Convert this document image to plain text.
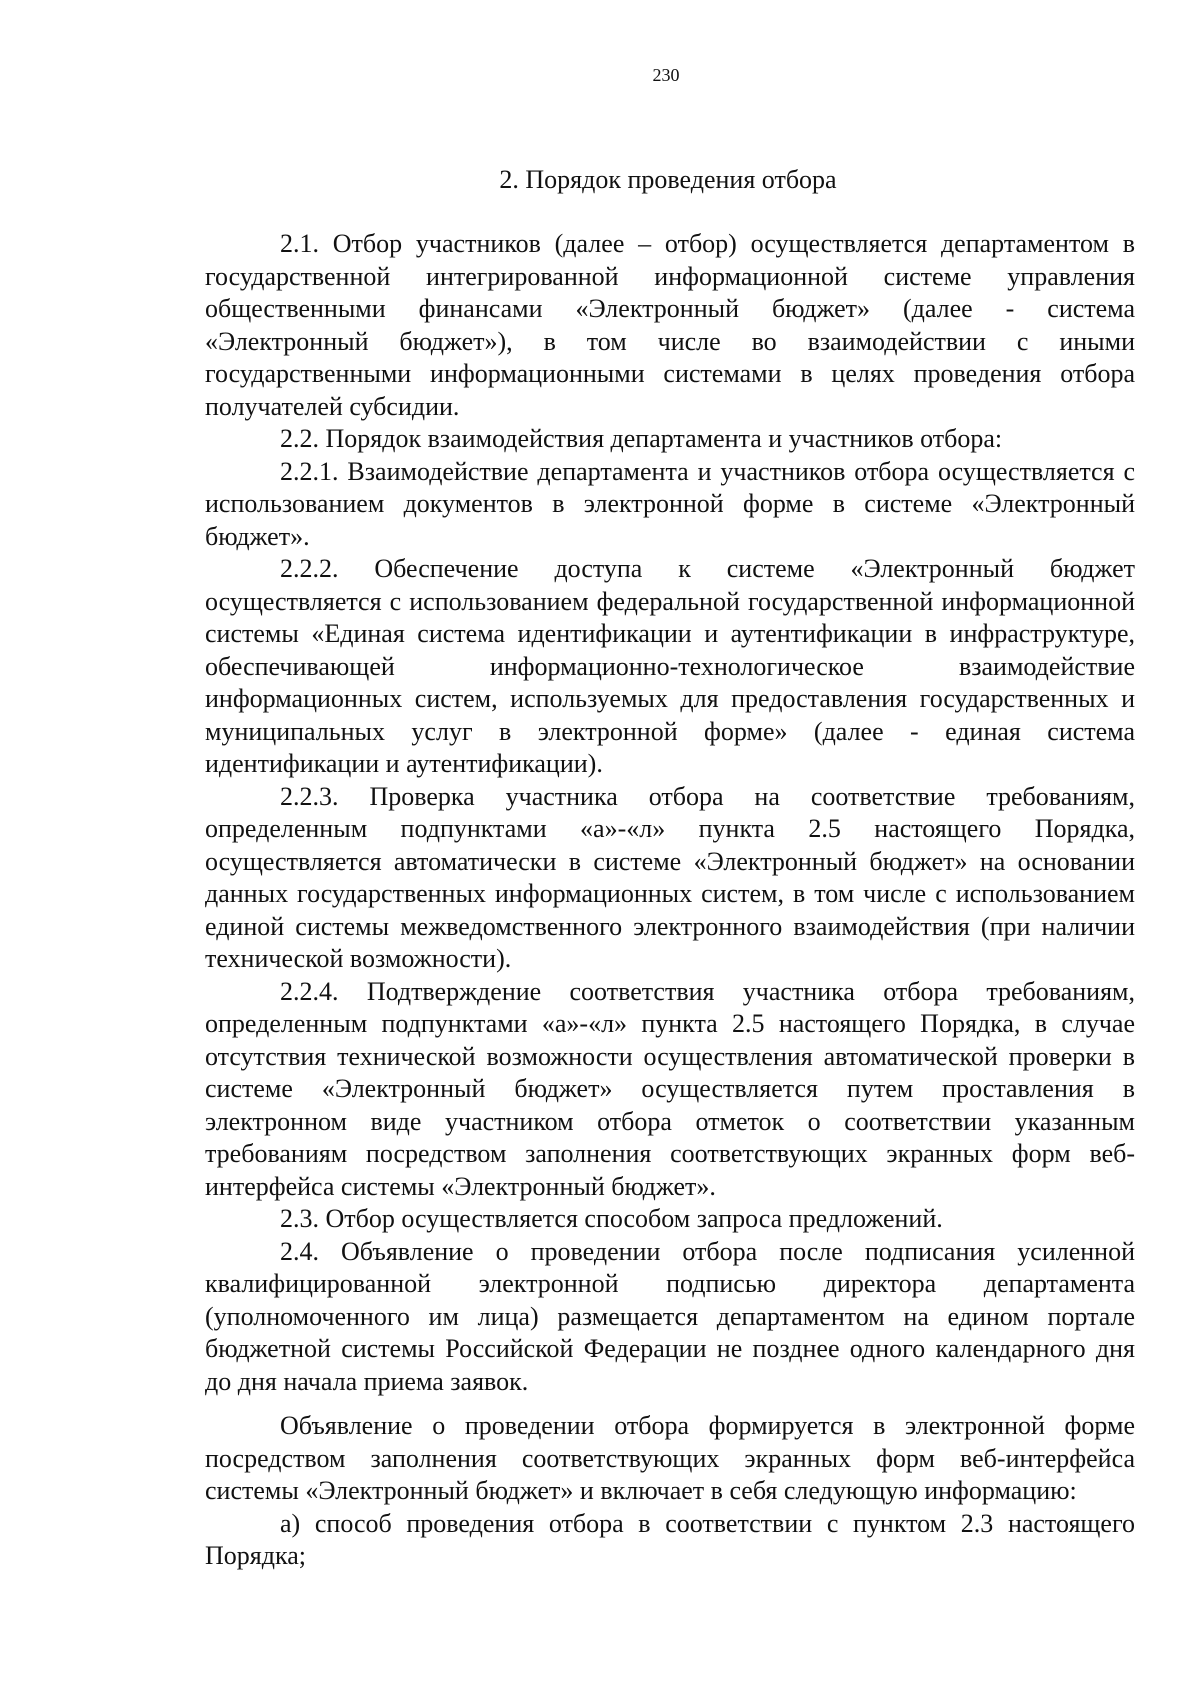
230
2. Порядок проведения отбора

2.1. Отбор участников (далее – отбор) осуществляется департаментом в государственной интегрированной информационной системе управления общественными финансами «Электронный бюджет» (далее - система «Электронный бюджет»), в том числе во взаимодействии с иными государственными информационными системами в целях проведения отбора получателей субсидии.

2.2. Порядок взаимодействия департамента и участников отбора:

2.2.1. Взаимодействие департамента и участников отбора осуществляется с использованием документов в электронной форме в системе «Электронный бюджет».

2.2.2. Обеспечение доступа к системе «Электронный бюджет осуществляется с использованием федеральной государственной информационной системы «Единая система идентификации и аутентификации в инфраструктуре, обеспечивающей информационно-технологическое взаимодействие информационных систем, используемых для предоставления государственных и муниципальных услуг в электронной форме» (далее - единая система идентификации и аутентификации).

2.2.3. Проверка участника отбора на соответствие требованиям, определенным подпунктами «а»-«л» пункта 2.5 настоящего Порядка, осуществляется автоматически в системе «Электронный бюджет» на основании данных государственных информационных систем, в том числе с использованием единой системы межведомственного электронного взаимодействия (при наличии технической возможности).

2.2.4. Подтверждение соответствия участника отбора требованиям, определенным подпунктами «а»-«л» пункта 2.5 настоящего Порядка, в случае отсутствия технической возможности осуществления автоматической проверки в системе «Электронный бюджет» осуществляется путем проставления в электронном виде участником отбора отметок о соответствии указанным требованиям посредством заполнения соответствующих экранных форм веб-интерфейса системы «Электронный бюджет».

2.3. Отбор осуществляется способом запроса предложений.

2.4. Объявление о проведении отбора после подписания усиленной квалифицированной электронной подписью директора департамента (уполномоченного им лица) размещается департаментом на едином портале бюджетной системы Российской Федерации не позднее одного календарного дня до дня начала приема заявок.

Объявление о проведении отбора формируется в электронной форме посредством заполнения соответствующих экранных форм веб-интерфейса системы «Электронный бюджет» и включает в себя следующую информацию:

а) способ проведения отбора в соответствии с пунктом 2.3 настоящего Порядка;
